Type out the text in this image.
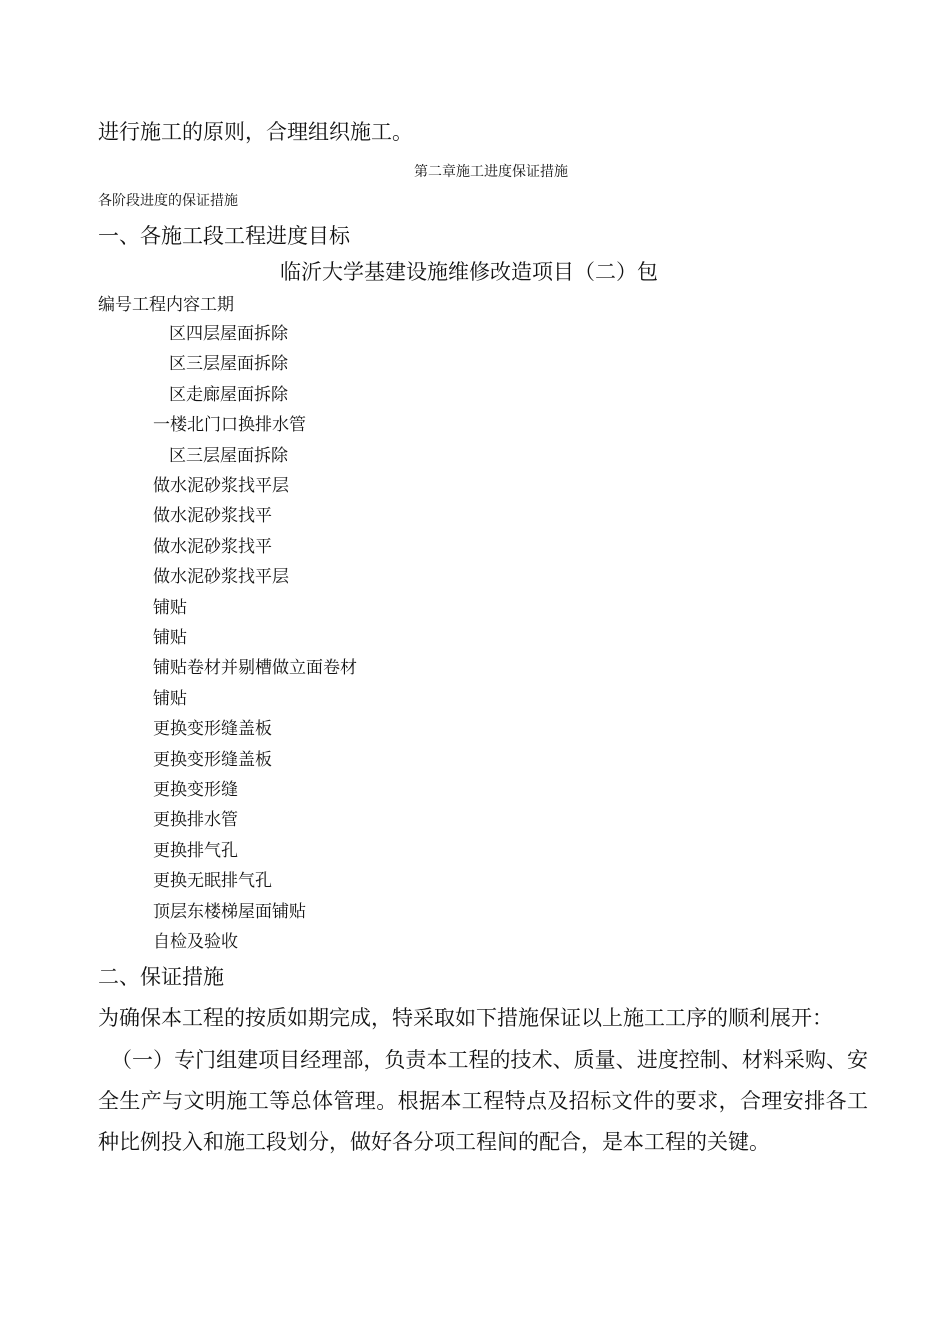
进行施工的原则，合理组织施工。
第二章施工进度保证措施
各阶段进度的保证措施
一、各施工段工程进度目标
临沂大学基建设施维修改造项目（二）包
编号工程内容工期
区四层屋面拆除
区三层屋面拆除
区走廊屋面拆除
一楼北门口换排水管
区三层屋面拆除
做水泥砂浆找平层
做水泥砂浆找平
做水泥砂浆找平
做水泥砂浆找平层
铺贴
铺贴
铺贴卷材并剔槽做立面卷材
铺贴
更换变形缝盖板
更换变形缝盖板
更换变形缝
更换排水管
更换排气孔
更换无眠排气孔
顶层东楼梯屋面铺贴
自检及验收
二、保证措施
为确保本工程的按质如期完成，特采取如下措施保证以上施工工序的顺利展开：
（一）专门组建项目经理部，负责本工程的技术、质量、进度控制、材料采购、安全生产与文明施工等总体管理。根据本工程特点及招标文件的要求，合理安排各工种比例投入和施工段划分，做好各分项工程间的配合，是本工程的关键。
